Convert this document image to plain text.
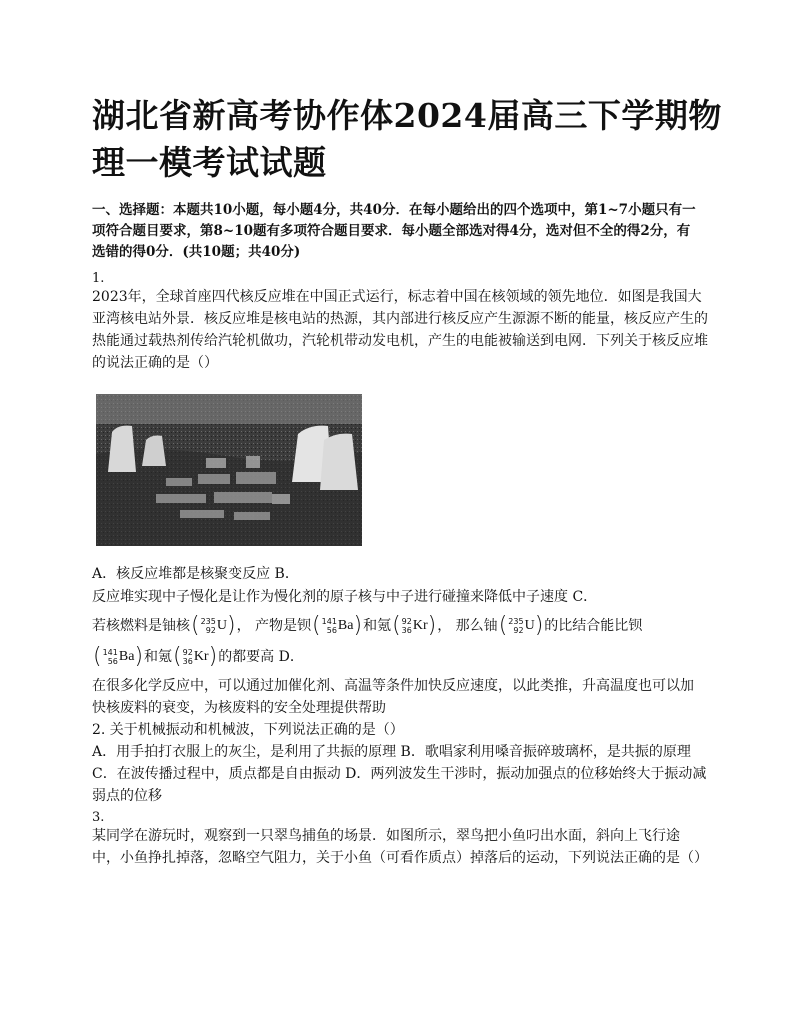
湖北省新高考协作体2024届高三下学期物理一模考试试题

一、选择题：本题共10小题，每小题4分，共40分．在每小题给出的四个选项中，第1~7小题只有一项符合题目要求，第8~10题有多项符合题目要求．每小题全部选对得4分，选对但不全的得2分，有选错的得0分．(共10题；共40分)

1.

2023年，全球首座四代核反应堆在中国正式运行，标志着中国在核领域的领先地位．如图是我国大亚湾核电站外景．核反应堆是核电站的热源，其内部进行核反应产生源源不断的能量，核反应产生的热能通过载热剂传给汽轮机做功，汽轮机带动发电机，产生的电能被输送到电网．下列关于核反应堆的说法正确的是（）

A．核反应堆都是核聚变反应 B．
反应堆实现中子慢化是让作为慢化剂的原子核与中子进行碰撞来降低中子速度 C．
若核燃料是铀核 ( 235
92 U ) ， 产物是钡 ( 141
56 Ba ) 和氪 ( 92
36 Kr ) ， 那么铀 ( 235
92 U ) 的比结合能比钡
( 141
56 Ba ) 和氪 ( 92
36 Kr ) 的都要高 D．

在很多化学反应中，可以通过加催化剂、高温等条件加快反应速度，以此类推，升高温度也可以加快核废料的衰变，为核废料的安全处理提供帮助

2. 关于机械振动和机械波，下列说法正确的是（）

A．用手拍打衣服上的灰尘，是利用了共振的原理 B．歌唱家利用嗓音振碎玻璃杯，是共振的原理 C．在波传播过程中，质点都是自由振动 D．两列波发生干涉时，振动加强点的位移始终大于振动减弱点的位移

3.

某同学在游玩时，观察到一只翠鸟捕鱼的场景．如图所示，翠鸟把小鱼叼出水面，斜向上飞行途中，小鱼挣扎掉落，忽略空气阻力，关于小鱼（可看作质点）掉落后的运动，下列说法正确的是（）
